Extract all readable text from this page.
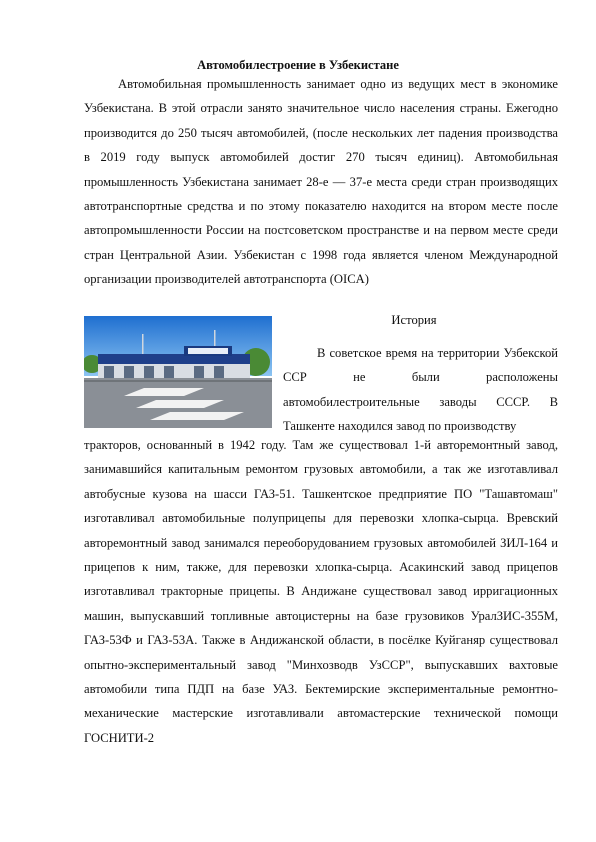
Автомобилестроение в Узбекистане

Автомобильная промышленность занимает одно из ведущих мест в экономике Узбекистана. В этой отрасли занято значительное число населения страны. Ежегодно производится до 250 тысяч автомобилей, (после нескольких лет падения производства в 2019 году выпуск автомобилей достиг 270 тысяч единиц). Автомобильная промышленность Узбекистана занимает 28-е — 37-е места среди стран производящих автотранспортные средства и по этому показателю находится на втором месте после автопромышленности России на постсоветском пространстве и на первом месте среди стран Центральной Азии. Узбекистан с 1998 года является членом Международной организации производителей автотранспорта (OICA)

История

В советское время на территории Узбекской ССР не были расположены автомобилестроительные заводы СССР. В Ташкенте находился завод по производству

тракторов, основанный в 1942 году. Там же существовал 1-й авторемонтный завод, занимавшийся капитальным ремонтом грузовых автомобили, а так же изготавливал автобусные кузова на шасси ГАЗ-51. Ташкентское предприятие ПО "Ташавтомаш" изготавливал автомобильные полуприцепы для перевозки хлопка-сырца. Вревский авторемонтный завод занимался переоборудованием грузовых автомобилей ЗИЛ-164 и прицепов к ним, также, для перевозки хлопка-сырца. Асакинский завод прицепов изготавливал тракторные прицепы. В Андижане существовал завод ирригационных машин, выпускавший топливные автоцистерны на базе грузовиков УралЗИС-355М, ГАЗ-53Ф и ГАЗ-53А. Также в Андижанской области, в посёлке Куйганяр существовал опытно-экспериментальный завод "Минхозводв УзССР", выпускавших вахтовые автомобили типа ПДП на базе УАЗ. Бектемирские экспериментальные ремонтно-механические мастерские изготавливали автомастерские технической помощи ГОСНИТИ-2
